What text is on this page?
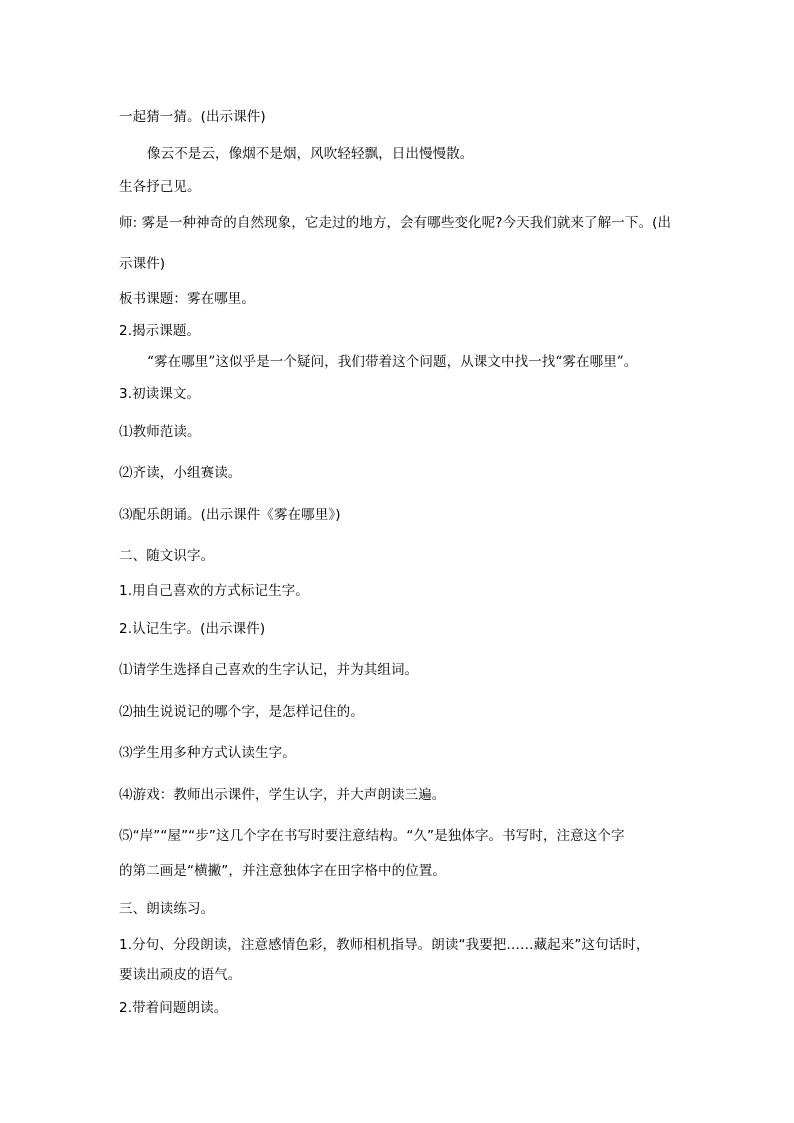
一起猜一猜。(出示课件)
像云不是云，像烟不是烟，风吹轻轻飘，日出慢慢散。
生各抒己见。
师: 雾是一种神奇的自然现象，它走过的地方，会有哪些变化呢?今天我们就来了解一下。(出
示课件)
板书课题：雾在哪里。
2.揭示课题。
“雾在哪里”这似乎是一个疑问，我们带着这个问题，从课文中找一找“雾在哪里”。
3.初读课文。
⑴教师范读。
⑵齐读，小组赛读。
⑶配乐朗诵。(出示课件《雾在哪里》)
二、随文识字。
1.用自己喜欢的方式标记生字。
2.认记生字。(出示课件)
⑴请学生选择自己喜欢的生字认记，并为其组词。
⑵抽生说说记的哪个字，是怎样记住的。
⑶学生用多种方式认读生字。
⑷游戏：教师出示课件，学生认字，并大声朗读三遍。
⑸“岸”“屋”“步”这几个字在书写时要注意结构。“久”是独体字。书写时，注意这个字
的第二画是“横撇”，并注意独体字在田字格中的位置。
三、朗读练习。
1.分句、分段朗读，注意感情色彩，教师相机指导。朗读“我要把……藏起来”这句话时，
要读出顽皮的语气。
2.带着问题朗读。
